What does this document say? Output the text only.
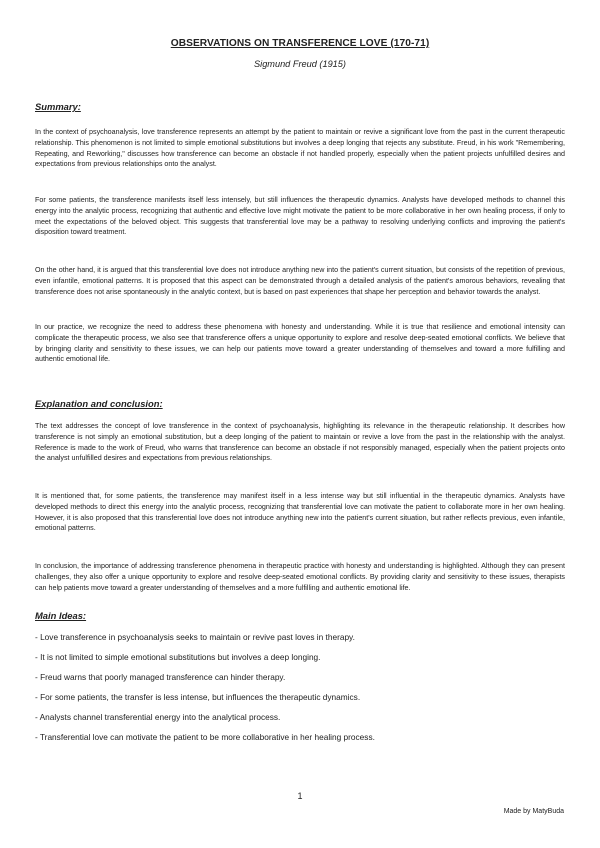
OBSERVATIONS ON TRANSFERENCE LOVE (170-71)
Sigmund Freud (1915)
Summary:

In the context of psychoanalysis, love transference represents an attempt by the patient to maintain or revive a significant love from the past in the current therapeutic relationship. This phenomenon is not limited to simple emotional substitutions but involves a deep longing that rejects any substitute. Freud, in his work "Remembering, Repeating, and Reworking," discusses how transference can become an obstacle if not handled properly, especially when the patient projects unfulfilled desires and expectations from previous relationships onto the analyst.

For some patients, the transference manifests itself less intensely, but still influences the therapeutic dynamics. Analysts have developed methods to channel this energy into the analytic process, recognizing that authentic and effective love might motivate the patient to be more collaborative in her own healing process, if only to meet the expectations of the beloved object. This suggests that transferential love may be a pathway to resolving underlying conflicts and improving the patient's disposition toward treatment.

On the other hand, it is argued that this transferential love does not introduce anything new into the patient's current situation, but consists of the repetition of previous, even infantile, emotional patterns. It is proposed that this aspect can be demonstrated through a detailed analysis of the patient's amorous behaviors, revealing that transference does not arise spontaneously in the analytic context, but is based on past experiences that shape her perception and behavior towards the analyst.

In our practice, we recognize the need to address these phenomena with honesty and understanding. While it is true that resilience and emotional intensity can complicate the therapeutic process, we also see that transference offers a unique opportunity to explore and resolve deep-seated emotional conflicts. We believe that by bringing clarity and sensitivity to these issues, we can help our patients move toward a greater understanding of themselves and toward a more fulfilling and authentic emotional life.

Explanation and conclusion:

The text addresses the concept of love transference in the context of psychoanalysis, highlighting its relevance in the therapeutic relationship. It describes how transference is not simply an emotional substitution, but a deep longing of the patient to maintain or revive a love from the past in the relationship with the analyst. Reference is made to the work of Freud, who warns that transference can become an obstacle if not responsibly managed, especially when the patient projects onto the analyst unfulfilled desires and expectations from previous relationships.

It is mentioned that, for some patients, the transference may manifest itself in a less intense way but still influential in the therapeutic dynamics. Analysts have developed methods to direct this energy into the analytic process, recognizing that transferential love can motivate the patient to collaborate more in her own healing. However, it is also proposed that this transferential love does not introduce anything new into the patient's current situation, but rather reflects previous, even infantile, emotional patterns.

In conclusion, the importance of addressing transference phenomena in therapeutic practice with honesty and understanding is highlighted. Although they can present challenges, they also offer a unique opportunity to explore and resolve deep-seated emotional conflicts. By providing clarity and sensitivity to these issues, therapists can help patients move toward a greater understanding of themselves and a more fulfilling and authentic emotional life.

Main Ideas:
- Love transference in psychoanalysis seeks to maintain or revive past loves in therapy.
- It is not limited to simple emotional substitutions but involves a deep longing.
- Freud warns that poorly managed transference can hinder therapy.
- For some patients, the transfer is less intense, but influences the therapeutic dynamics.
- Analysts channel transferential energy into the analytical process.
- Transferential love can motivate the patient to be more collaborative in her healing process.
1
Made by MatyBuda
